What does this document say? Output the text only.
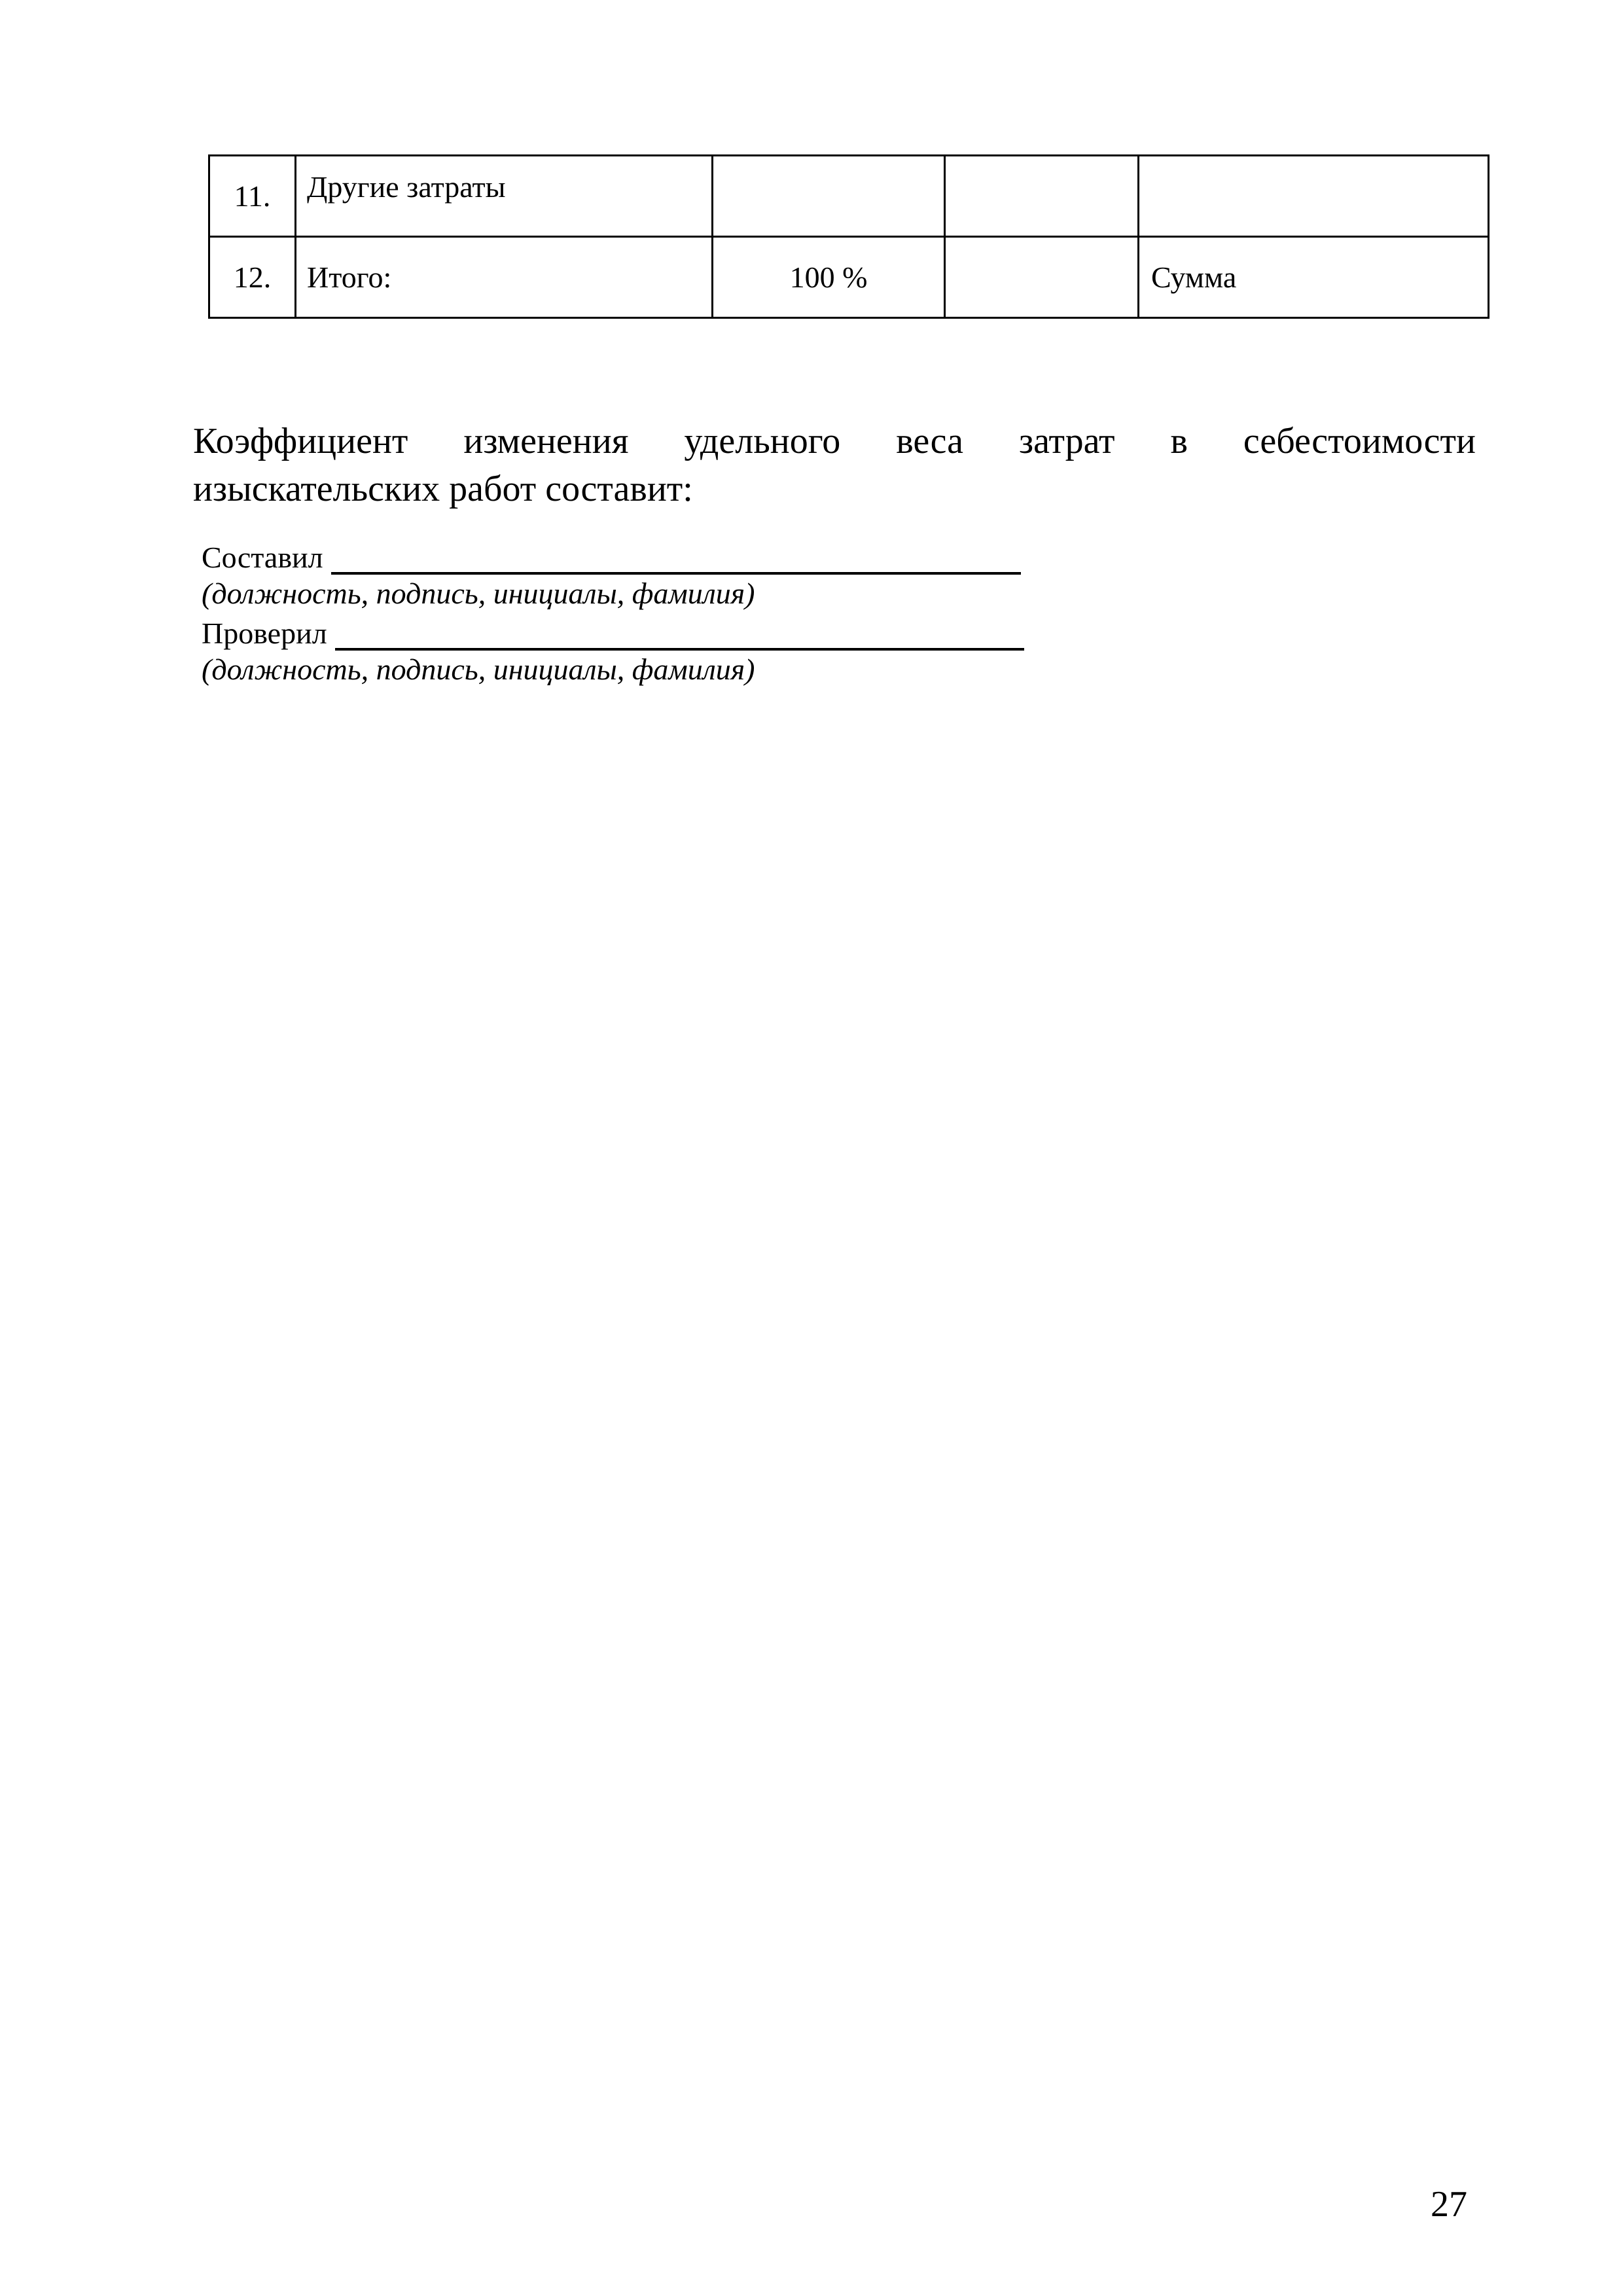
11.	Другие затраты			
12.	Итого:	100 %		Сумма
Коэффициент изменения удельного веса затрат в себестоимости
изыскательских работ составит:
Составил
(должность, подпись, инициалы, фамилия)
Проверил
(должность, подпись, инициалы, фамилия)
27
